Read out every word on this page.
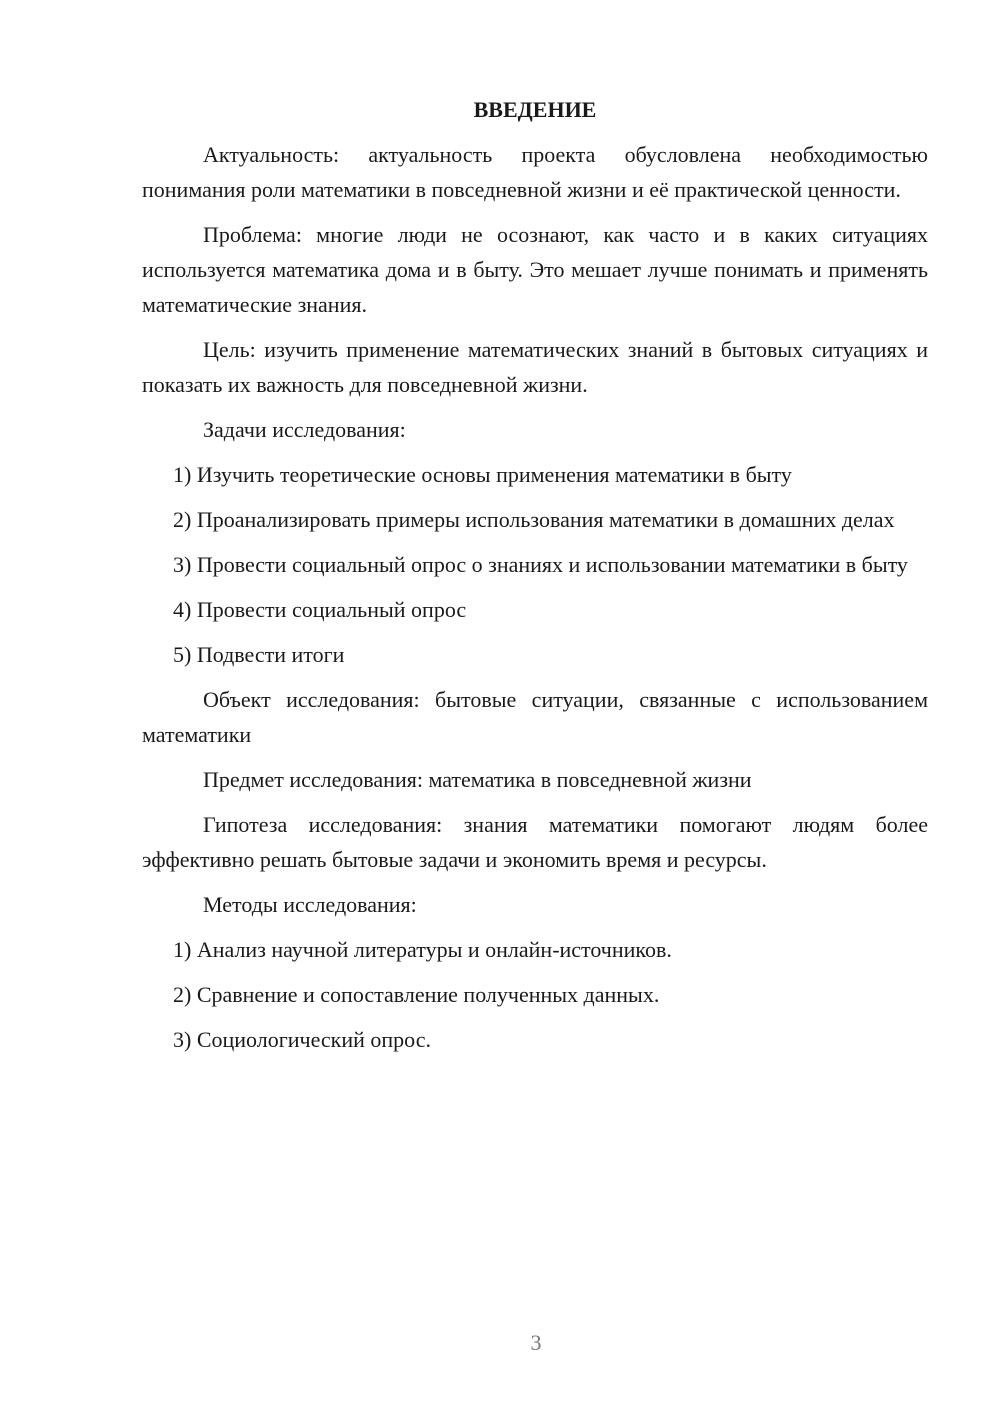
ВВЕДЕНИЕ

Актуальность: актуальность проекта обусловлена необходимостью понимания роли математики в повседневной жизни и её практической ценности.

Проблема: многие люди не осознают, как часто и в каких ситуациях используется математика дома и в быту. Это мешает лучше понимать и применять математические знания.

Цель: изучить применение математических знаний в бытовых ситуациях и показать их важность для повседневной жизни.

Задачи исследования:

1) Изучить теоретические основы применения математики в быту

2) Проанализировать примеры использования математики в домашних делах

3) Провести социальный опрос о знаниях и использовании математики в быту

4) Провести социальный опрос

5) Подвести итоги

Объект исследования: бытовые ситуации, связанные с использованием математики

Предмет исследования: математика в повседневной жизни

Гипотеза исследования: знания математики помогают людям более эффективно решать бытовые задачи и экономить время и ресурсы.

Методы исследования:

1) Анализ научной литературы и онлайн-источников.

2) Сравнение и сопоставление полученных данных.

3) Социологический опрос.

3
